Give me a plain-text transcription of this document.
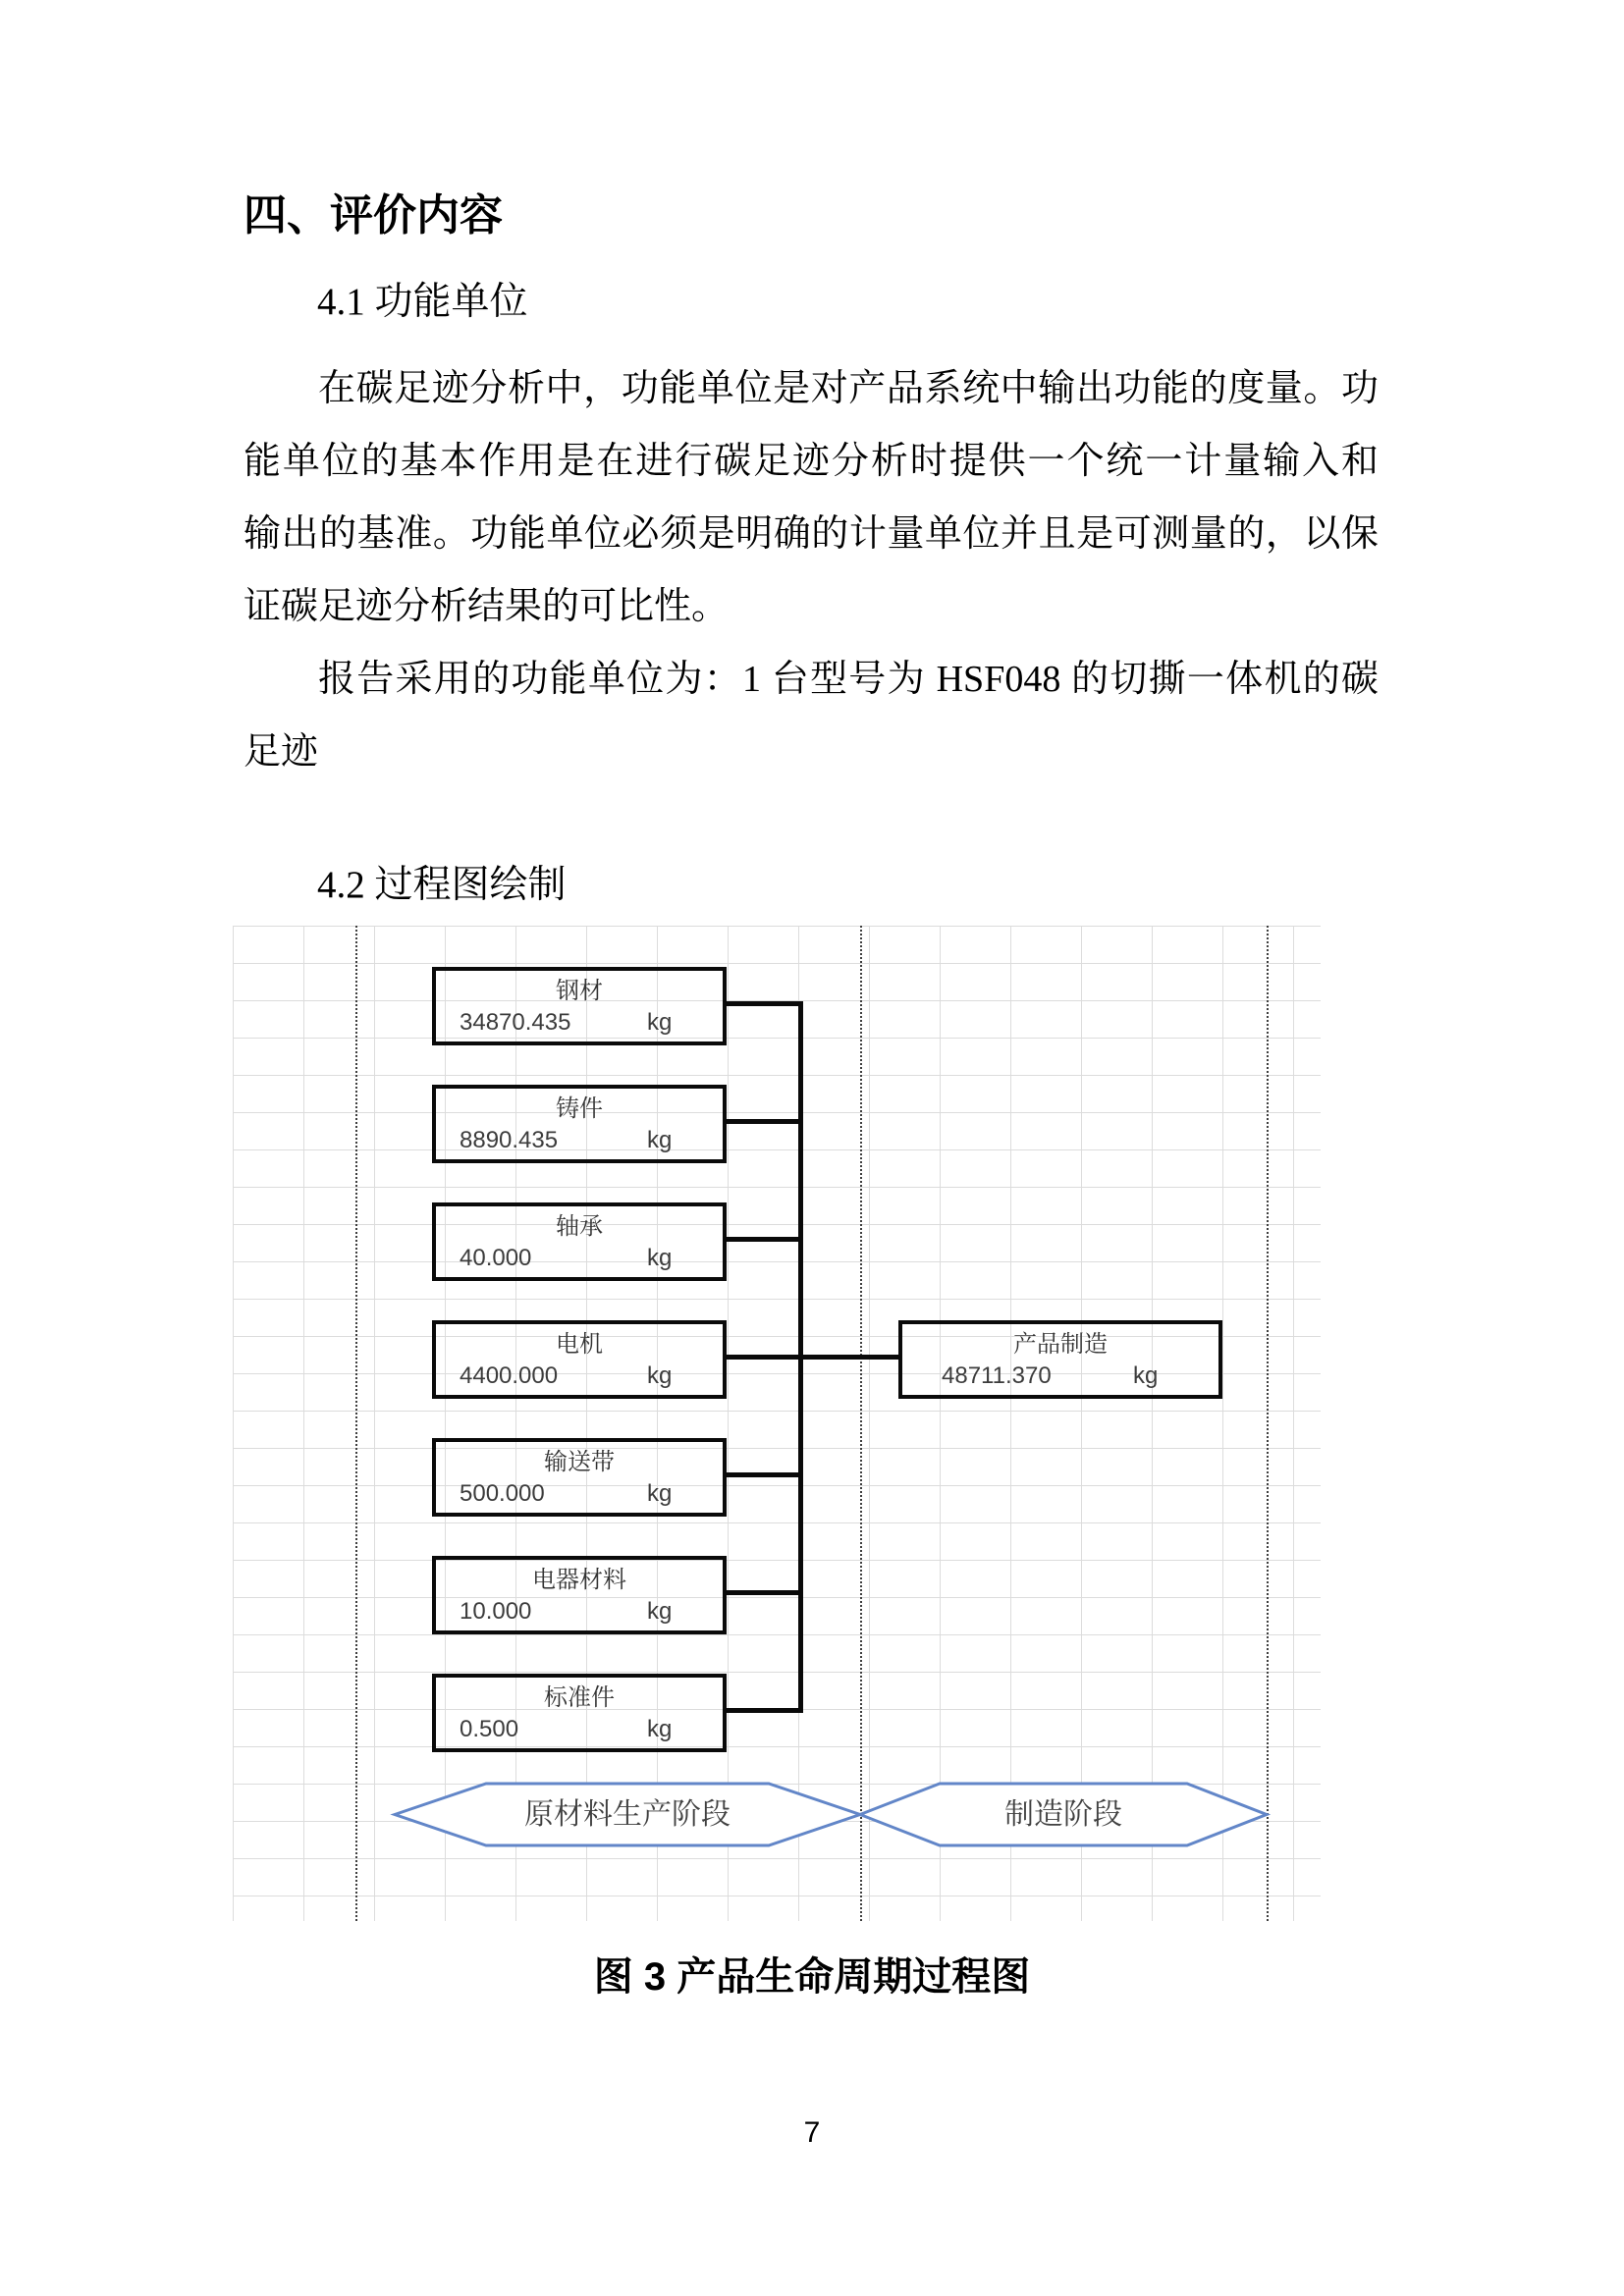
四、评价内容
4.1 功能单位
在碳足迹分析中，功能单位是对产品系统中输出功能的度量。功
能单位的基本作用是在进行碳足迹分析时提供一个统一计量输入和
输出的基准。功能单位必须是明确的计量单位并且是可测量的，以保
证碳足迹分析结果的可比性。
报告采用的功能单位为：1 台型号为 HSF048 的切撕一体机的碳
足迹
4.2 过程图绘制
钢材
34870.435	kg
铸件
8890.435	kg
轴承
40.000	kg
电机
4400.000	kg
输送带
500.000	kg
电器材料
10.000	kg
标准件
0.500	kg
产品制造
48711.370	kg
原材料生产阶段	制造阶段
图 3 产品生命周期过程图
7
